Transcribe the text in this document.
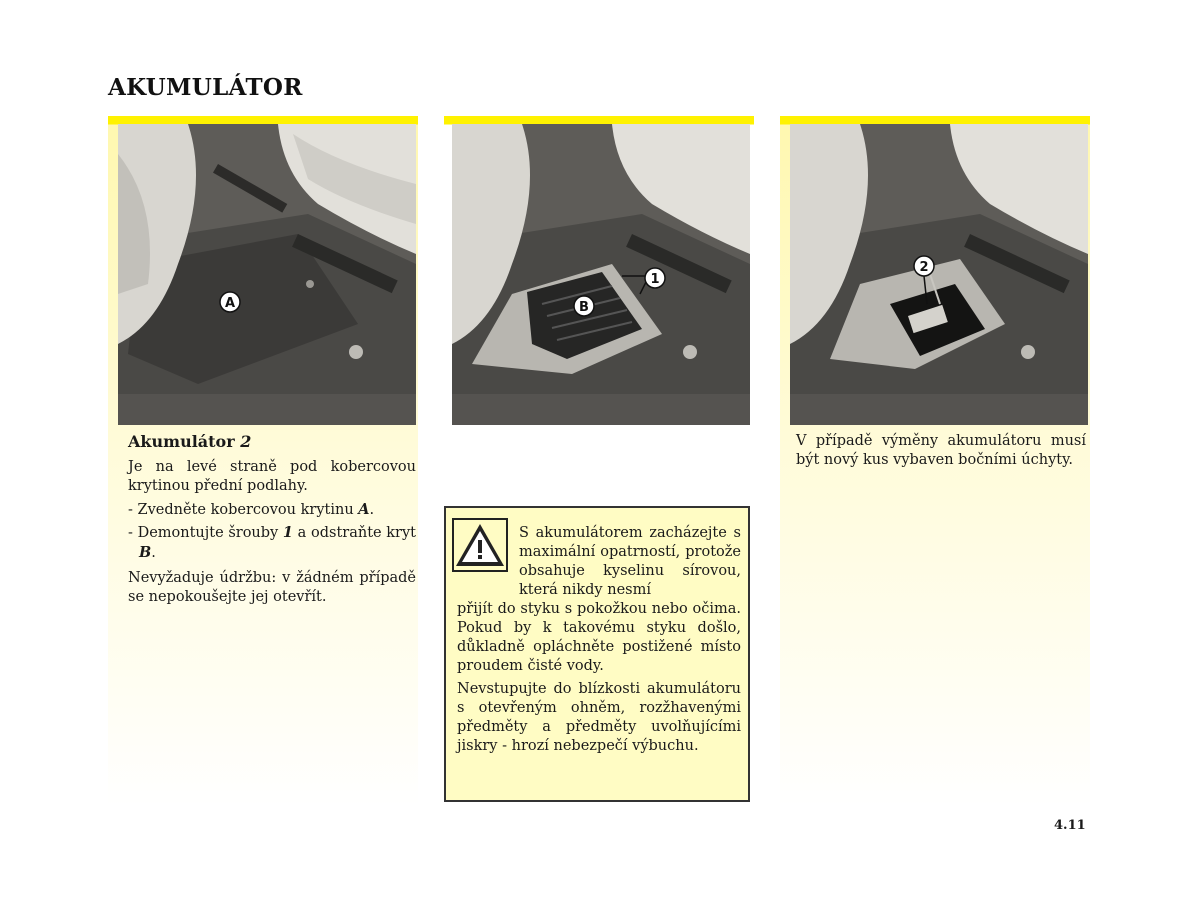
AKUMULÁTOR
A
1
B
2
Akumulátor 2

Je na levé straně pod kobercovou krytinou přední podlahy.

- Zvedněte kobercovou krytinu A.

- Demontujte šrouby 1 a odstraňte kryt B.

Nevyžaduje údržbu: v žádném případě se nepokoušejte jej otevřít.

S akumulátorem zacházejte s maximální opatrností, protože obsahuje kyselinu sírovou, která nikdy nesmí
přijít do styku s pokožkou nebo očima. Pokud by k takovému styku došlo, důkladně opláchněte postižené místo proudem čisté vody.
Nevstupujte do blízkosti akumulátoru s otevřeným ohněm, rozžhavenými předměty a předměty uvolňujícími jiskry - hrozí nebezpečí výbuchu.
V případě výměny akumulátoru musí být nový kus vybaven bočními úchyty.
4.11
